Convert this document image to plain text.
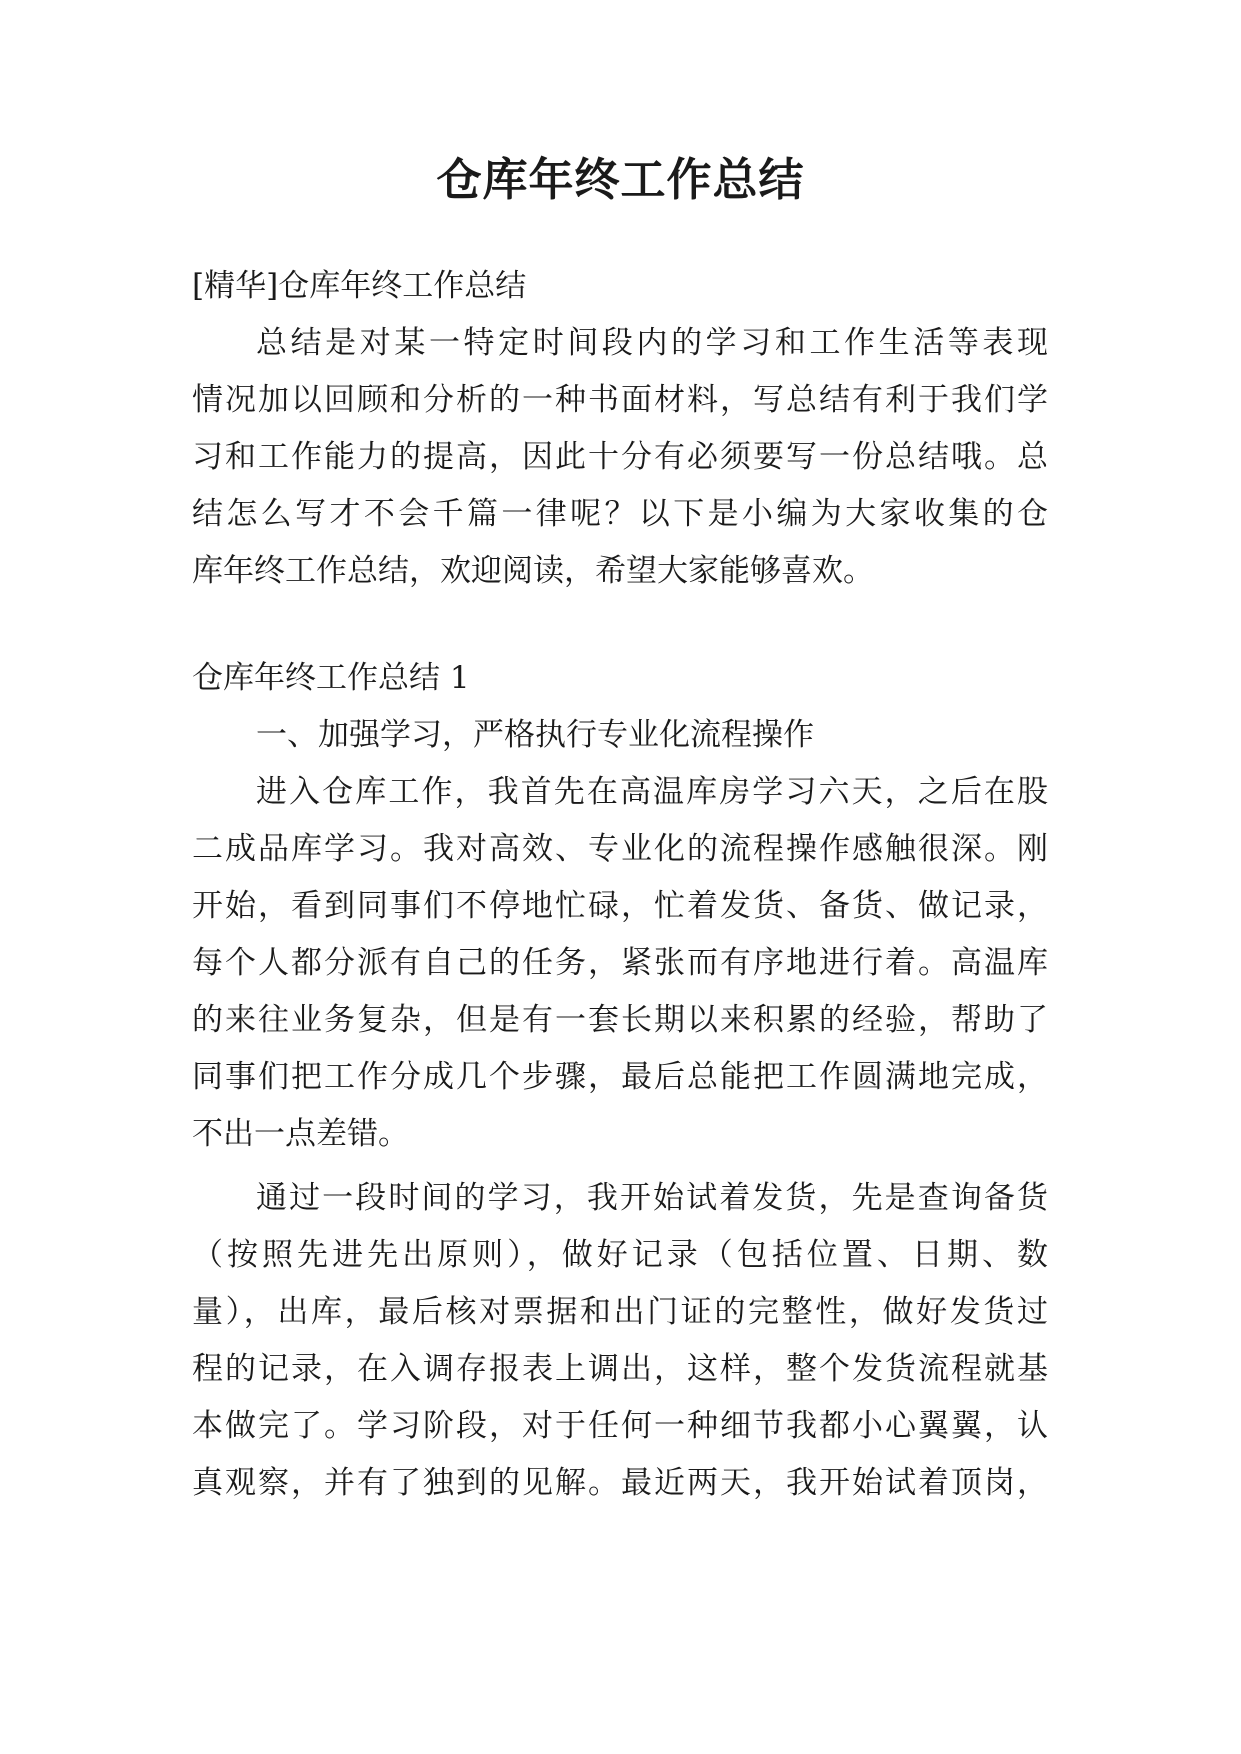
仓库年终工作总结

[精华]仓库年终工作总结

总结是对某一特定时间段内的学习和工作生活等表现

情况加以回顾和分析的一种书面材料，写总结有利于我们学

习和工作能力的提高，因此十分有必须要写一份总结哦。总

结怎么写才不会千篇一律呢？以下是小编为大家收集的仓

库年终工作总结，欢迎阅读，希望大家能够喜欢。

仓库年终工作总结 1

一、加强学习，严格执行专业化流程操作

进入仓库工作，我首先在高温库房学习六天，之后在股

二成品库学习。我对高效、专业化的流程操作感触很深。刚

开始，看到同事们不停地忙碌，忙着发货、备货、做记录，

每个人都分派有自己的任务，紧张而有序地进行着。高温库

的来往业务复杂，但是有一套长期以来积累的经验，帮助了

同事们把工作分成几个步骤，最后总能把工作圆满地完成，

不出一点差错。

通过一段时间的学习，我开始试着发货，先是查询备货

（按照先进先出原则），做好记录（包括位置、日期、数

量），出库，最后核对票据和出门证的完整性，做好发货过

程的记录，在入调存报表上调出，这样，整个发货流程就基

本做完了。学习阶段，对于任何一种细节我都小心翼翼，认

真观察，并有了独到的见解。最近两天，我开始试着顶岗，
